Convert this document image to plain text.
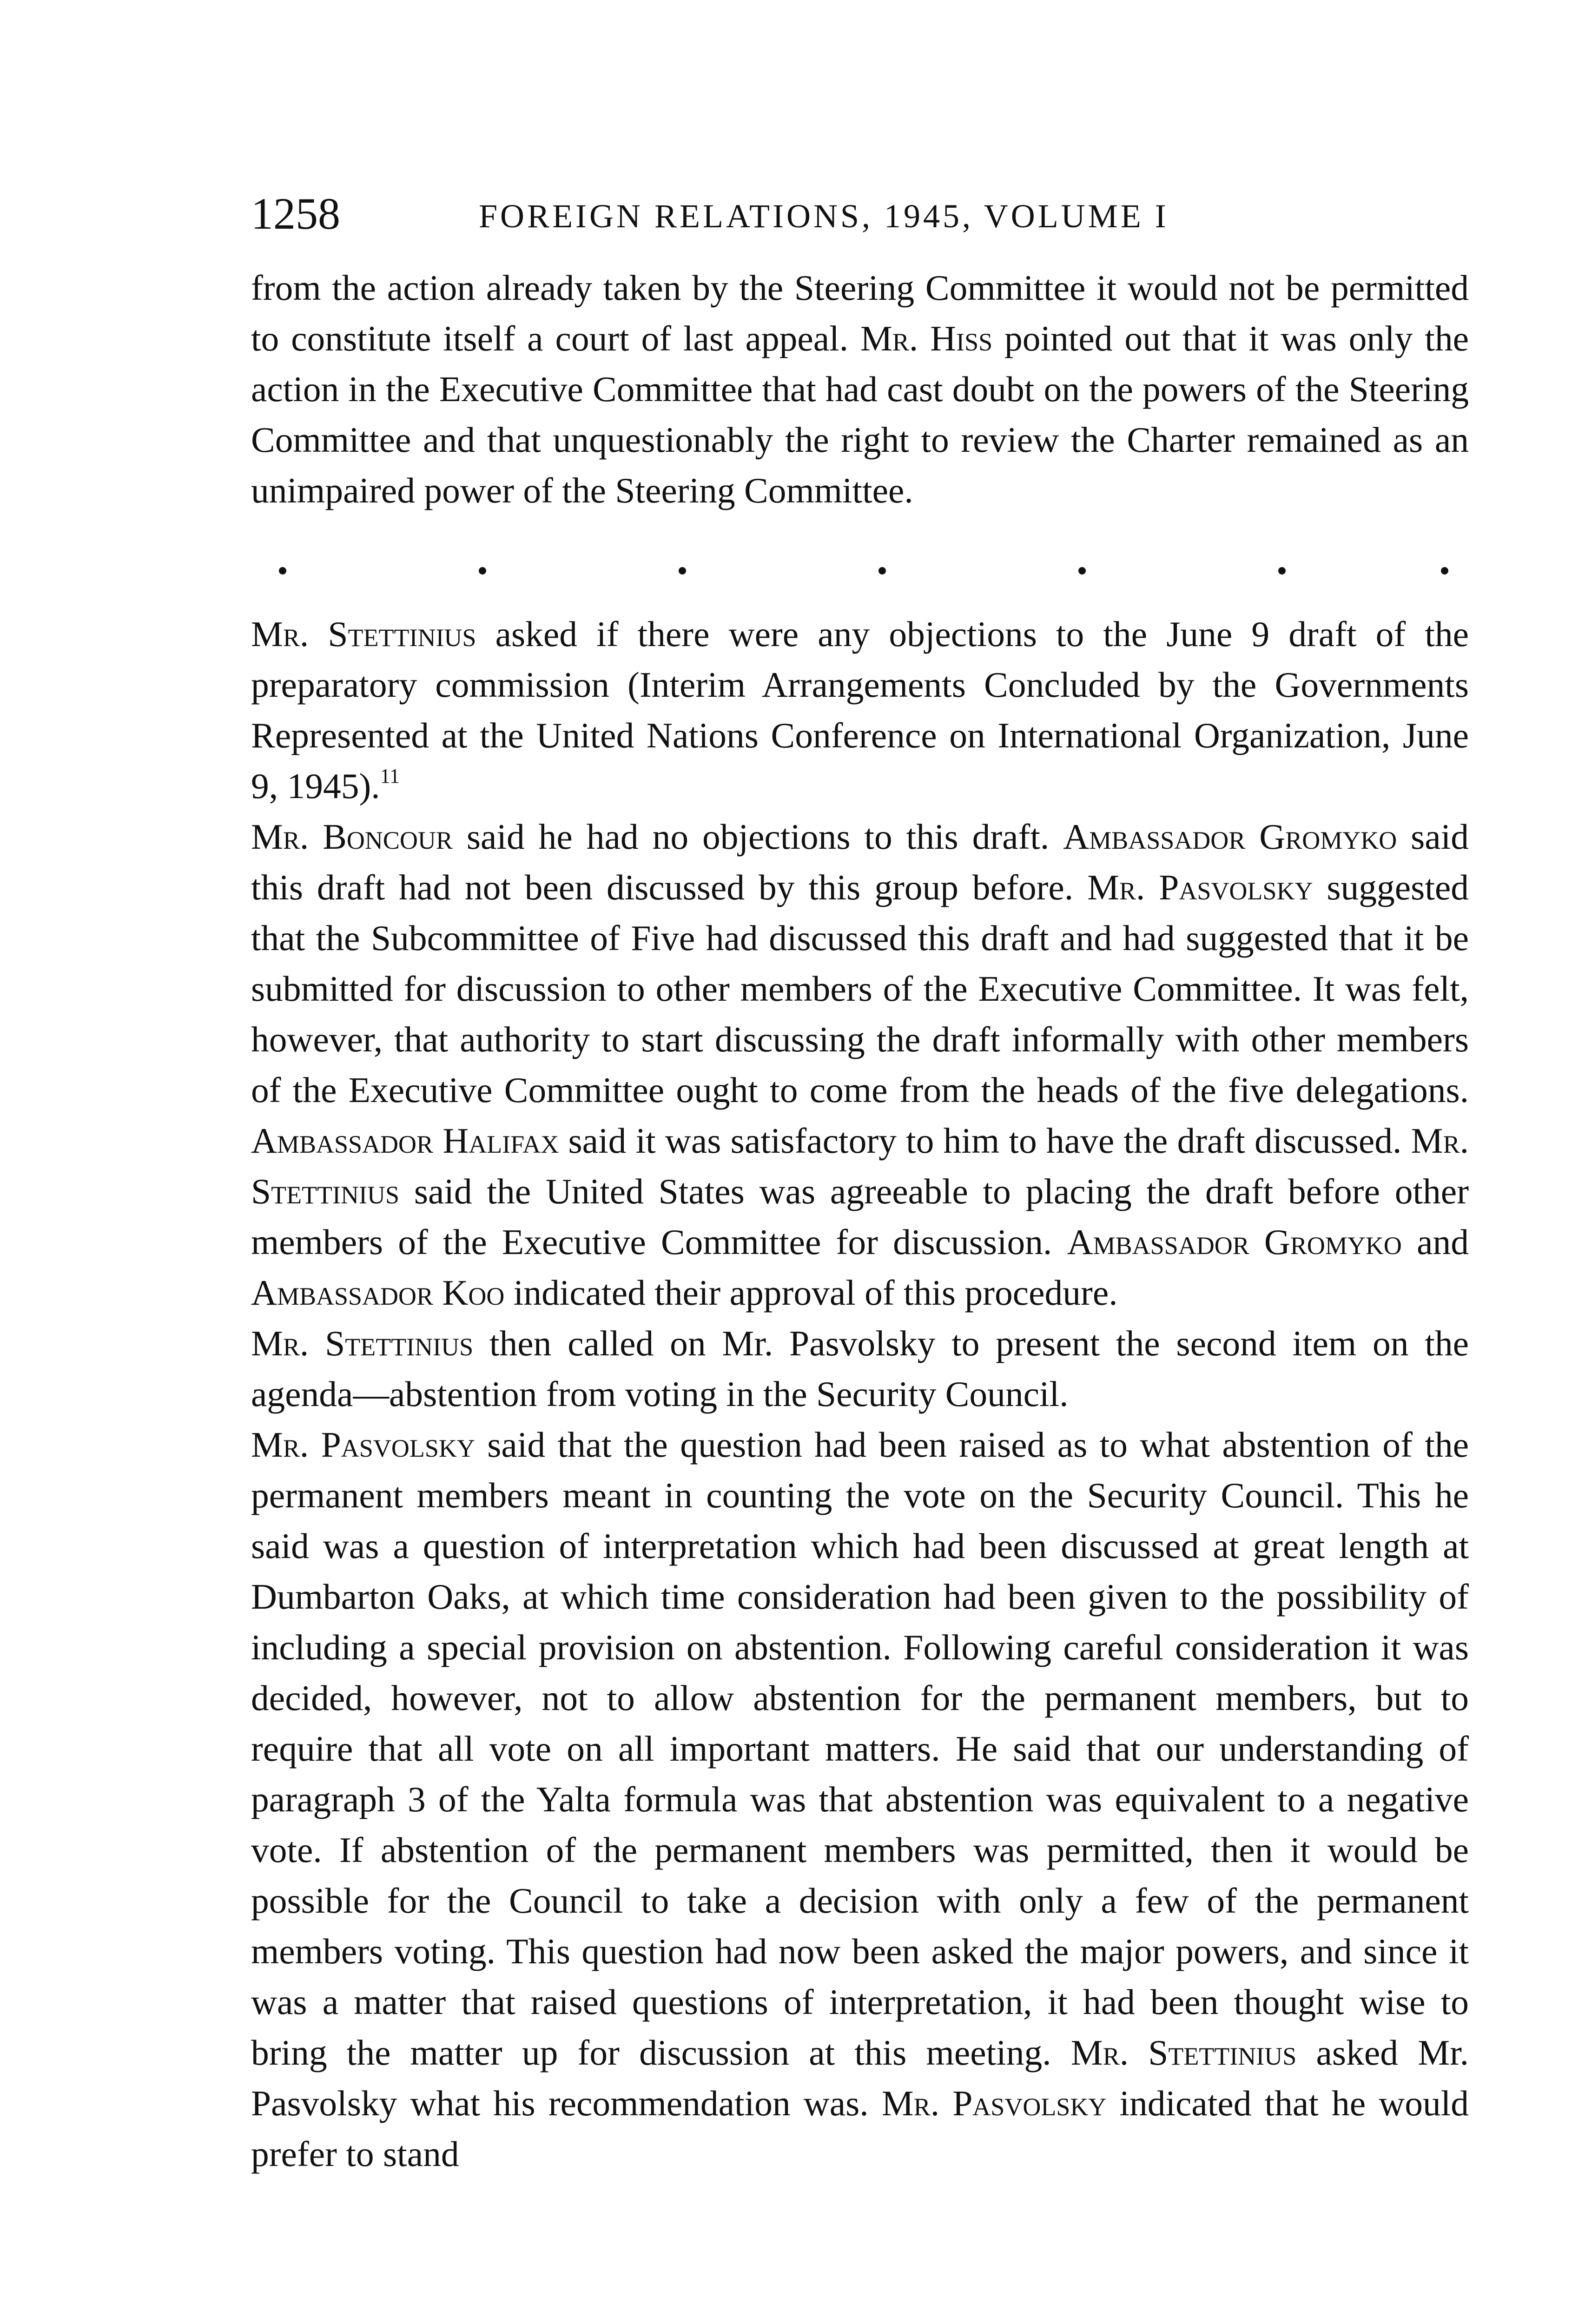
1258	FOREIGN RELATIONS, 1945, VOLUME I

from the action already taken by the Steering Committee it would not be permitted to constitute itself a court of last appeal. Mr. Hiss pointed out that it was only the action in the Executive Committee that had cast doubt on the powers of the Steering Committee and that unquestionably the right to review the Charter remained as an unimpaired power of the Steering Committee.

Mr. Stettinius asked if there were any objections to the June 9 draft of the preparatory commission (Interim Arrangements Concluded by the Governments Represented at the United Nations Conference on International Organization, June 9, 1945).$^{11}$

Mr. Boncour said he had no objections to this draft. Ambassador Gromyko said this draft had not been discussed by this group before. Mr. Pasvolsky suggested that the Subcommittee of Five had discussed this draft and had suggested that it be submitted for discussion to other members of the Executive Committee. It was felt, however, that authority to start discussing the draft informally with other members of the Executive Committee ought to come from the heads of the five delegations. Ambassador Halifax said it was satisfactory to him to have the draft discussed. Mr. Stettinius said the United States was agreeable to placing the draft before other members of the Executive Committee for discussion. Ambassador Gromyko and Ambassador Koo indicated their approval of this procedure.

Mr. Stettinius then called on Mr. Pasvolsky to present the second item on the agenda—abstention from voting in the Security Council.

Mr. Pasvolsky said that the question had been raised as to what abstention of the permanent members meant in counting the vote on the Security Council. This he said was a question of interpretation which had been discussed at great length at Dumbarton Oaks, at which time consideration had been given to the possibility of including a special provision on abstention. Following careful consideration it was decided, however, not to allow abstention for the permanent members, but to require that all vote on all important matters. He said that our understanding of paragraph 3 of the Yalta formula was that abstention was equivalent to a negative vote. If abstention of the permanent members was permitted, then it would be possible for the Council to take a decision with only a few of the permanent members voting. This question had now been asked the major powers, and since it was a matter that raised questions of interpretation, it had been thought wise to bring the matter up for discussion at this meeting. Mr. Stettinius asked Mr. Pasvolsky what his recommendation was. Mr. Pasvolsky indicated that he would prefer to stand
